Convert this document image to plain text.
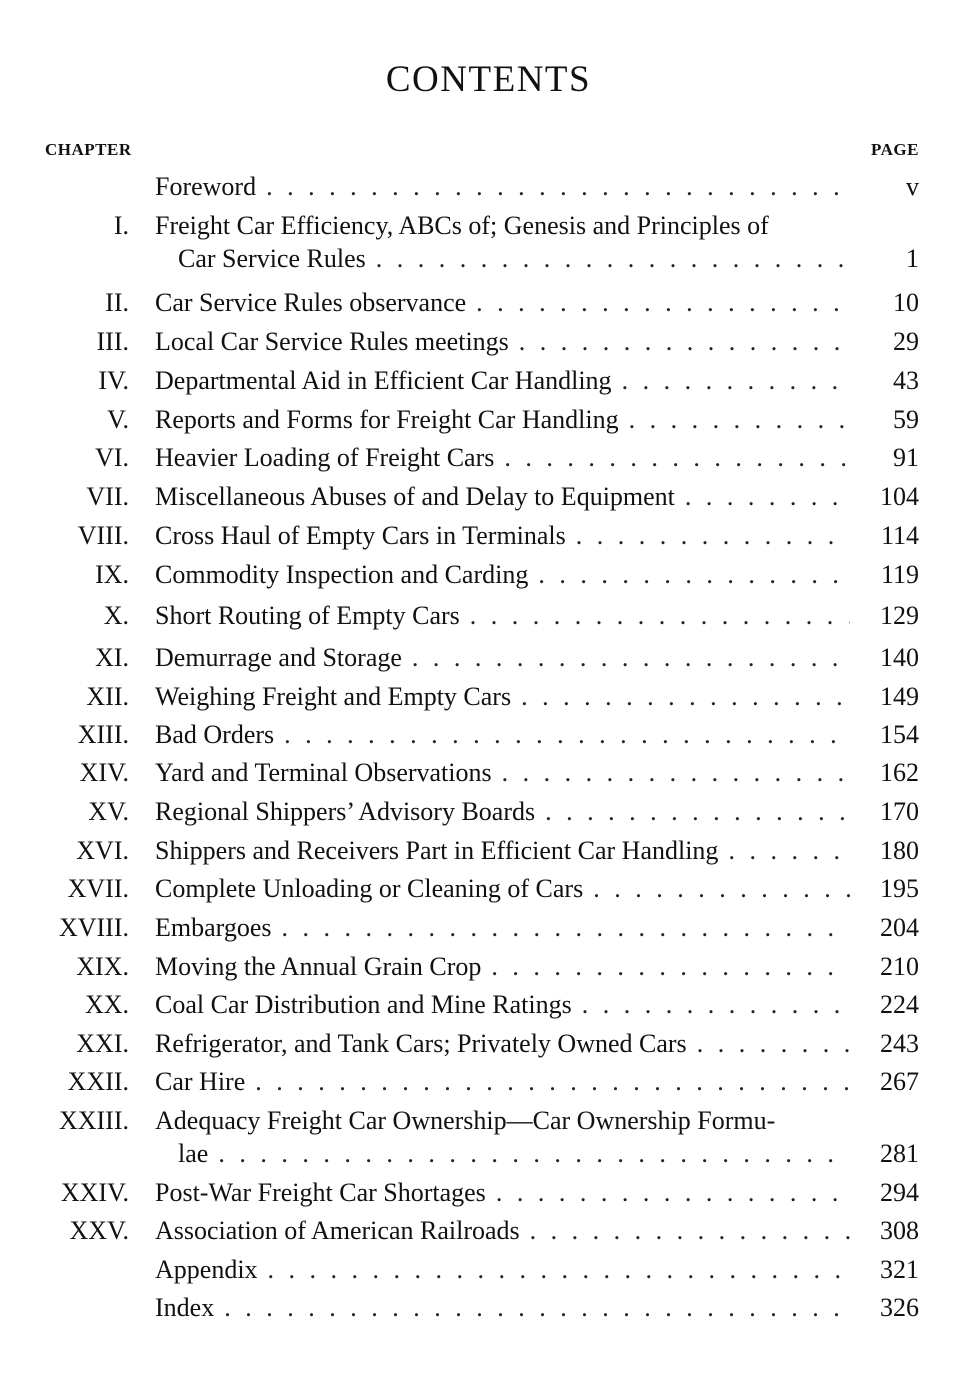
CONTENTS
CHAPTER	PAGE
Foreword . . .	v
I. Freight Car Efficiency, ABCs of; Genesis and Principles of
Car Service Rules . . .	1
II. Car Service Rules observance . . .	10
III. Local Car Service Rules meetings . . .	29
IV. Departmental Aid in Efficient Car Handling . . .	43
V. Reports and Forms for Freight Car Handling . . .	59
VI. Heavier Loading of Freight Cars . . .	91
VII. Miscellaneous Abuses of and Delay to Equipment . . .	104
VIII. Cross Haul of Empty Cars in Terminals . . .	114
IX. Commodity Inspection and Carding . . .	119
X. Short Routing of Empty Cars . . .	129
XI. Demurrage and Storage . . .	140
XII. Weighing Freight and Empty Cars . . .	149
XIII. Bad Orders . . .	154
XIV. Yard and Terminal Observations . . .	162
XV. Regional Shippers’ Advisory Boards . . .	170
XVI. Shippers and Receivers Part in Efficient Car Handling . . .	180
XVII. Complete Unloading or Cleaning of Cars . . .	195
XVIII. Embargoes . . .	204
XIX. Moving the Annual Grain Crop . . .	210
XX. Coal Car Distribution and Mine Ratings . . .	224
XXI. Refrigerator, and Tank Cars; Privately Owned Cars . . .	243
XXII. Car Hire . . .	267
XXIII. Adequacy Freight Car Ownership—Car Ownership Formu-
lae . . .	281
XXIV. Post-War Freight Car Shortages . . .	294
XXV. Association of American Railroads . . .	308
Appendix . . .	321
Index . . .	326
